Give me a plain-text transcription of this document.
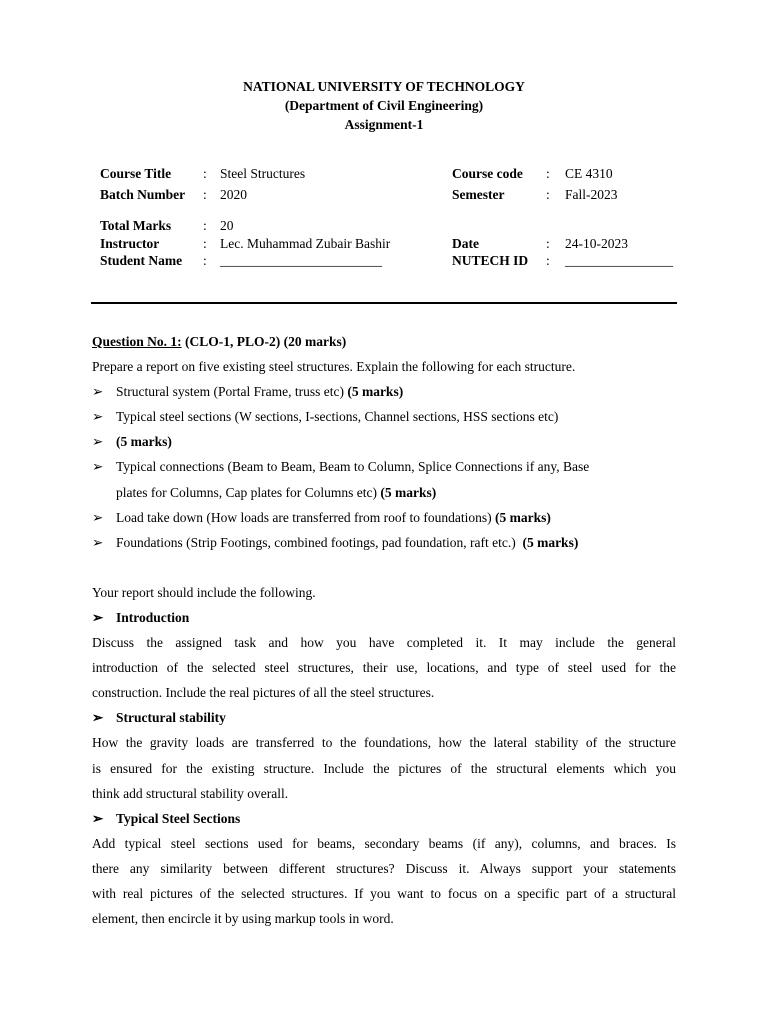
NATIONAL UNIVERSITY OF TECHNOLOGY
(Department of Civil Engineering)
Assignment-1
Course Title : Steel Structures	Course code : CE 4310
Batch Number : 2020	Semester	: Fall-2023
Total Marks : 20
Instructor	: Lec. Muhammad Zubair Bashir	Date	: 24-10-2023
Student Name : ________________________	NUTECH ID : ________________
Question No. 1: (CLO-1, PLO-2) (20 marks)
Prepare a report on five existing steel structures. Explain the following for each structure.
➢ Structural system (Portal Frame, truss etc) (5 marks)
➢ Typical steel sections (W sections, I-sections, Channel sections, HSS sections etc)
➢ (5 marks)
➢ Typical connections (Beam to Beam, Beam to Column, Splice Connections if any, Base
plates for Columns, Cap plates for Columns etc) (5 marks)
➢ Load take down (How loads are transferred from roof to foundations) (5 marks)
➢ Foundations (Strip Footings, combined footings, pad foundation, raft etc.)  (5 marks)
Your report should include the following.
➢ Introduction
Discuss the assigned task and how you have completed it. It may include the general
introduction of the selected steel structures, their use, locations, and type of steel used for the
construction. Include the real pictures of all the steel structures.
➢ Structural stability
How the gravity loads are transferred to the foundations, how the lateral stability of the structure
is ensured for the existing structure. Include the pictures of the structural elements which you
think add structural stability overall.
➢ Typical Steel Sections
Add typical steel sections used for beams, secondary beams (if any), columns, and braces. Is
there any similarity between different structures? Discuss it. Always support your statements
with real pictures of the selected structures. If you want to focus on a specific part of a structural
element, then encircle it by using markup tools in word.
